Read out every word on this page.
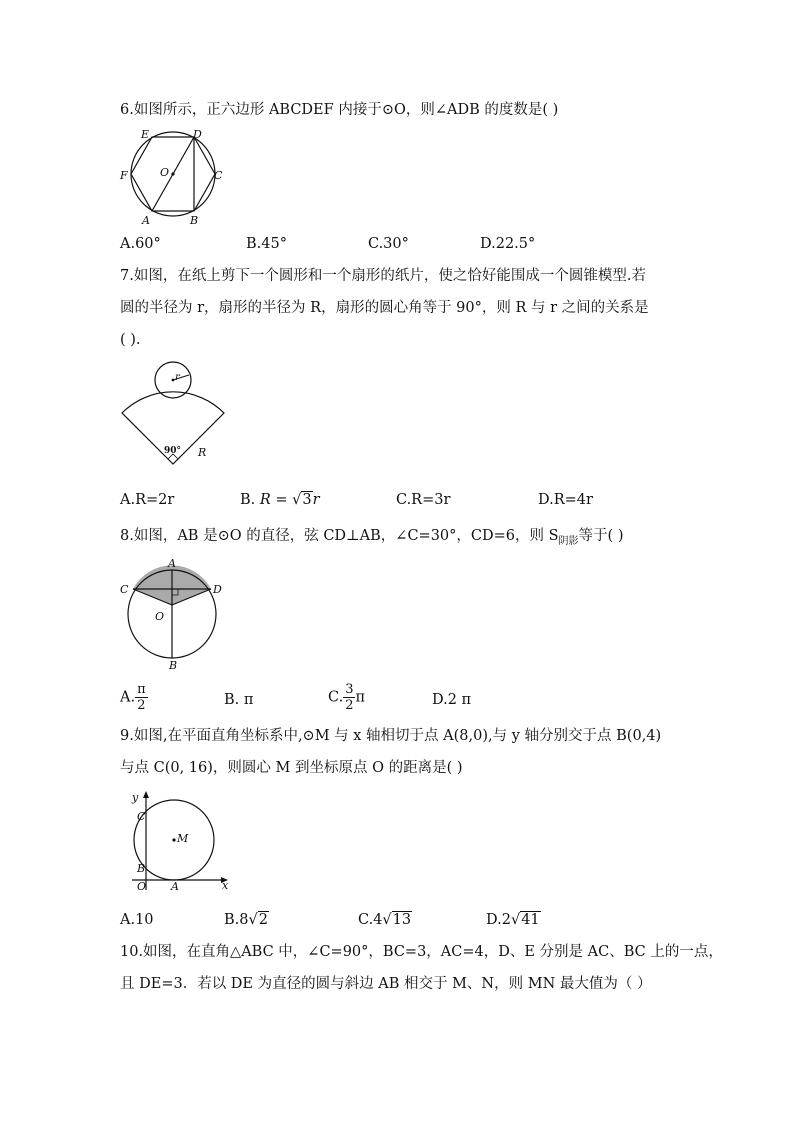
6.如图所示，正六边形 ABCDEF 内接于⊙O，则∠ADB 的度数是( )
E	D
F	O	C
A	B
A.60°	B.45°	C.30°	D.22.5°
7.如图，在纸上剪下一个圆形和一个扇形的纸片，使之恰好能围成一个圆锥模型.若
圆的半径为 r，扇形的半径为 R，扇形的圆心角等于 90°，则 R 与 r 之间的关系是
( ).
r
90° R
A.R=2r	B. R = √3r	C.R=3r	D.R=4r
8.如图，AB 是⊙O 的直径，弦 CD⊥AB，∠C=30°，CD=6，则 $S_{阴影}$等于( )
A
C	D
O
B
A. $\frac{\pi}{2}$	B. π	C. $\frac{3}{2}$ π	D.2 π
9.如图,在平面直角坐标系中,⊙M 与 x 轴相切于点 A(8,0),与 y 轴分别交于点 B(0,4)
与点 C(0, 16)，则圆心 M 到坐标原点 O 的距离是( )
y
C
M
B
O A	x
A.10	B.8√2	C.4√13	D.2√41
10.如图，在直角△ABC 中，∠C=90°，BC=3，AC=4，D、E 分别是 AC、BC 上的一点，
且 DE=3．若以 DE 为直径的圆与斜边 AB 相交于 M、N，则 MN 最大值为（ ）
